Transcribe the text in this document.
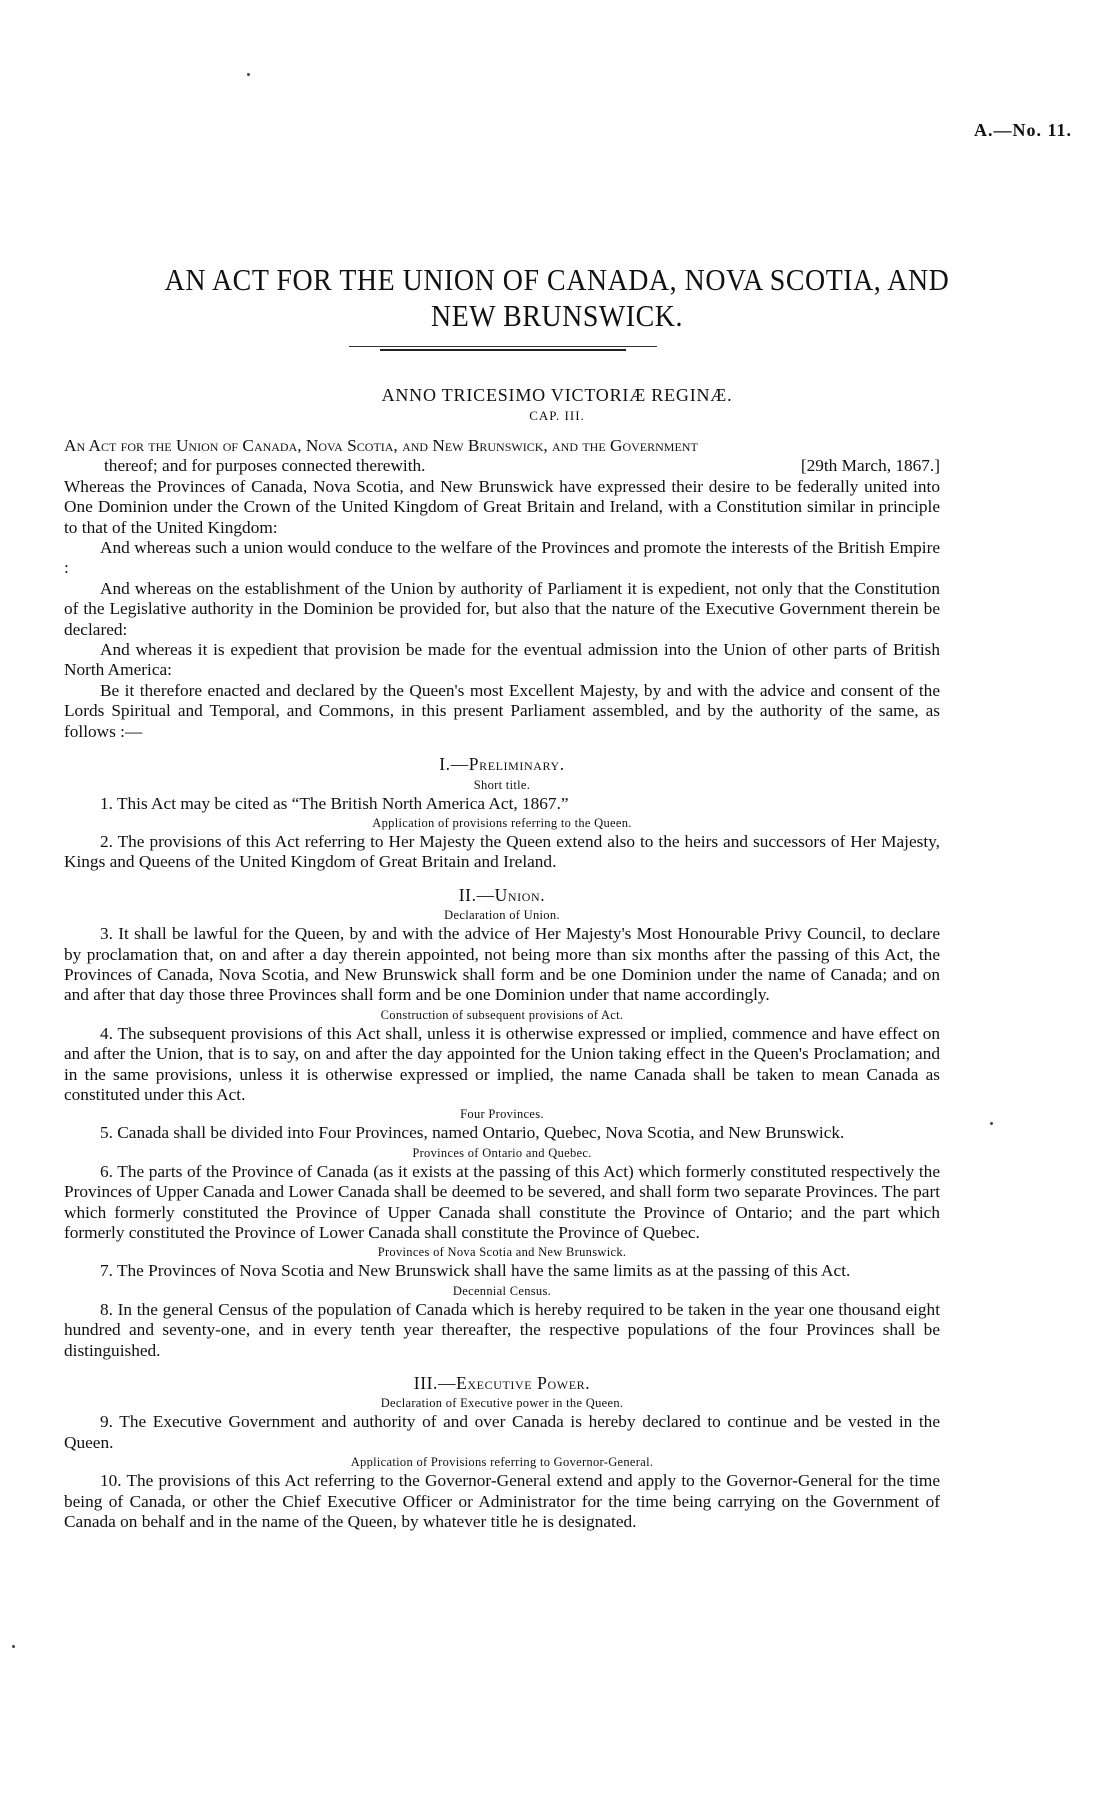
A.—No. 11.
AN ACT FOR THE UNION OF CANADA, NOVA SCOTIA, AND
NEW BRUNSWICK.
ANNO TRICESIMO VICTORIÆ REGINÆ.
CAP. III.

An Act for the Union of Canada, Nova Scotia, and New Brunswick, and the Government

thereof; and for purposes connected therewith.	[29th March, 1867.]

Whereas the Provinces of Canada, Nova Scotia, and New Brunswick have expressed their desire to be federally united into One Dominion under the Crown of the United Kingdom of Great Britain and Ireland, with a Constitution similar in principle to that of the United Kingdom:

And whereas such a union would conduce to the welfare of the Provinces and promote the interests of the British Empire :

And whereas on the establishment of the Union by authority of Parliament it is expedient, not only that the Constitution of the Legislative authority in the Dominion be provided for, but also that the nature of the Executive Government therein be declared:

And whereas it is expedient that provision be made for the eventual admission into the Union of other parts of British North America:

Be it therefore enacted and declared by the Queen's most Excellent Majesty, by and with the advice and consent of the Lords Spiritual and Temporal, and Commons, in this present Parliament assembled, and by the authority of the same, as follows :—

I.—Preliminary.
Short title.

1. This Act may be cited as “The British North America Act, 1867.”

Application of provisions referring to the Queen.

2. The provisions of this Act referring to Her Majesty the Queen extend also to the heirs and successors of Her Majesty, Kings and Queens of the United Kingdom of Great Britain and Ireland.

II.—Union.
Declaration of Union.

3. It shall be lawful for the Queen, by and with the advice of Her Majesty's Most Honourable Privy Council, to declare by proclamation that, on and after a day therein appointed, not being more than six months after the passing of this Act, the Provinces of Canada, Nova Scotia, and New Brunswick shall form and be one Dominion under the name of Canada; and on and after that day those three Provinces shall form and be one Dominion under that name accordingly.

Construction of subsequent provisions of Act.

4. The subsequent provisions of this Act shall, unless it is otherwise expressed or implied, commence and have effect on and after the Union, that is to say, on and after the day appointed for the Union taking effect in the Queen's Proclamation; and in the same provisions, unless it is otherwise expressed or implied, the name Canada shall be taken to mean Canada as constituted under this Act.

Four Provinces.

5. Canada shall be divided into Four Provinces, named Ontario, Quebec, Nova Scotia, and New Brunswick.

Provinces of Ontario and Quebec.

6. The parts of the Province of Canada (as it exists at the passing of this Act) which formerly constituted respectively the Provinces of Upper Canada and Lower Canada shall be deemed to be severed, and shall form two separate Provinces. The part which formerly constituted the Province of Upper Canada shall constitute the Province of Ontario; and the part which formerly constituted the Province of Lower Canada shall constitute the Province of Quebec.

Provinces of Nova Scotia and New Brunswick.

7. The Provinces of Nova Scotia and New Brunswick shall have the same limits as at the passing of this Act.

Decennial Census.

8. In the general Census of the population of Canada which is hereby required to be taken in the year one thousand eight hundred and seventy-one, and in every tenth year thereafter, the respective populations of the four Provinces shall be distinguished.

III.—Executive Power.
Declaration of Executive power in the Queen.

9. The Executive Government and authority of and over Canada is hereby declared to continue and be vested in the Queen.

Application of Provisions referring to Governor-General.

10. The provisions of this Act referring to the Governor-General extend and apply to the Governor-General for the time being of Canada, or other the Chief Executive Officer or Administrator for the time being carrying on the Government of Canada on behalf and in the name of the Queen, by whatever title he is designated.
